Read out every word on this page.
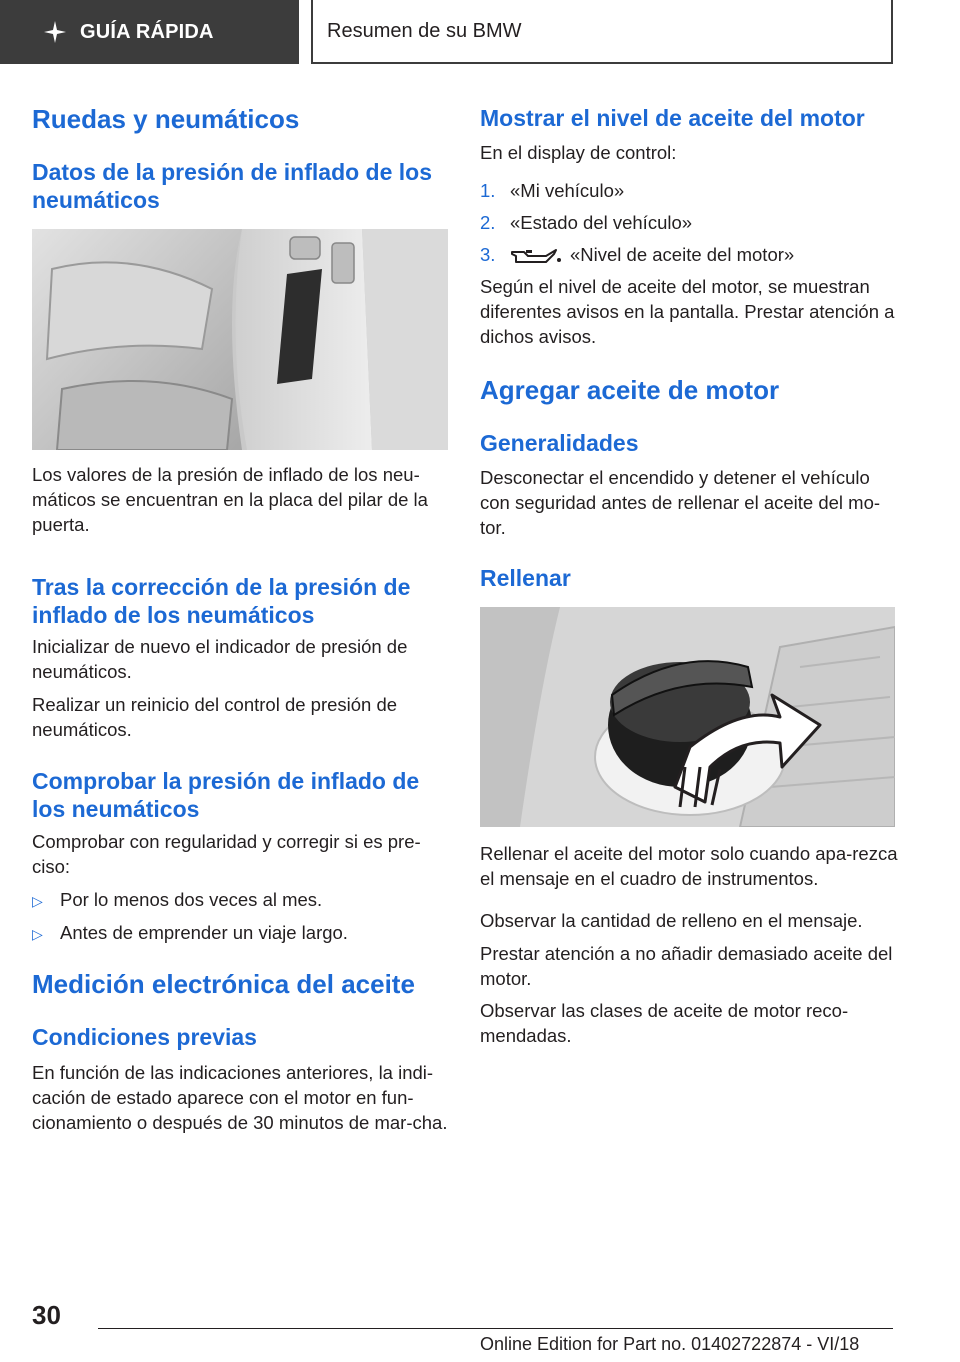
GUÍA RÁPIDA	Resumen de su BMW
Ruedas y neumáticos
Datos de la presión de inflado de los neumáticos

Los valores de la presión de inflado de los neu-máticos se encuentran en la placa del pilar de la puerta.

Tras la corrección de la presión de inflado de los neumáticos

Inicializar de nuevo el indicador de presión de neumáticos.

Realizar un reinicio del control de presión de neumáticos.

Comprobar la presión de inflado de los neumáticos

Comprobar con regularidad y corregir si es pre-ciso:

▷ Por lo menos dos veces al mes.

▷ Antes de emprender un viaje largo.

Medición electrónica del aceite
Condiciones previas

En función de las indicaciones anteriores, la indi-cación de estado aparece con el motor en fun-cionamiento o después de 30 minutos de mar-cha.

Mostrar el nivel de aceite del motor

En el display de control:

1. «Mi vehículo»

2. «Estado del vehículo»

3.	«Nivel de aceite del motor»

Según el nivel de aceite del motor, se muestran diferentes avisos en la pantalla. Prestar atención a dichos avisos.

Agregar aceite de motor
Generalidades

Desconectar el encendido y detener el vehículo con seguridad antes de rellenar el aceite del mo-tor.

Rellenar

Rellenar el aceite del motor solo cuando apa-rezca el mensaje en el cuadro de instrumentos.

Observar la cantidad de relleno en el mensaje.

Prestar atención a no añadir demasiado aceite del motor.

Observar las clases de aceite de motor reco-mendadas.

30
Online Edition for Part no. 01402722874 - VI/18
